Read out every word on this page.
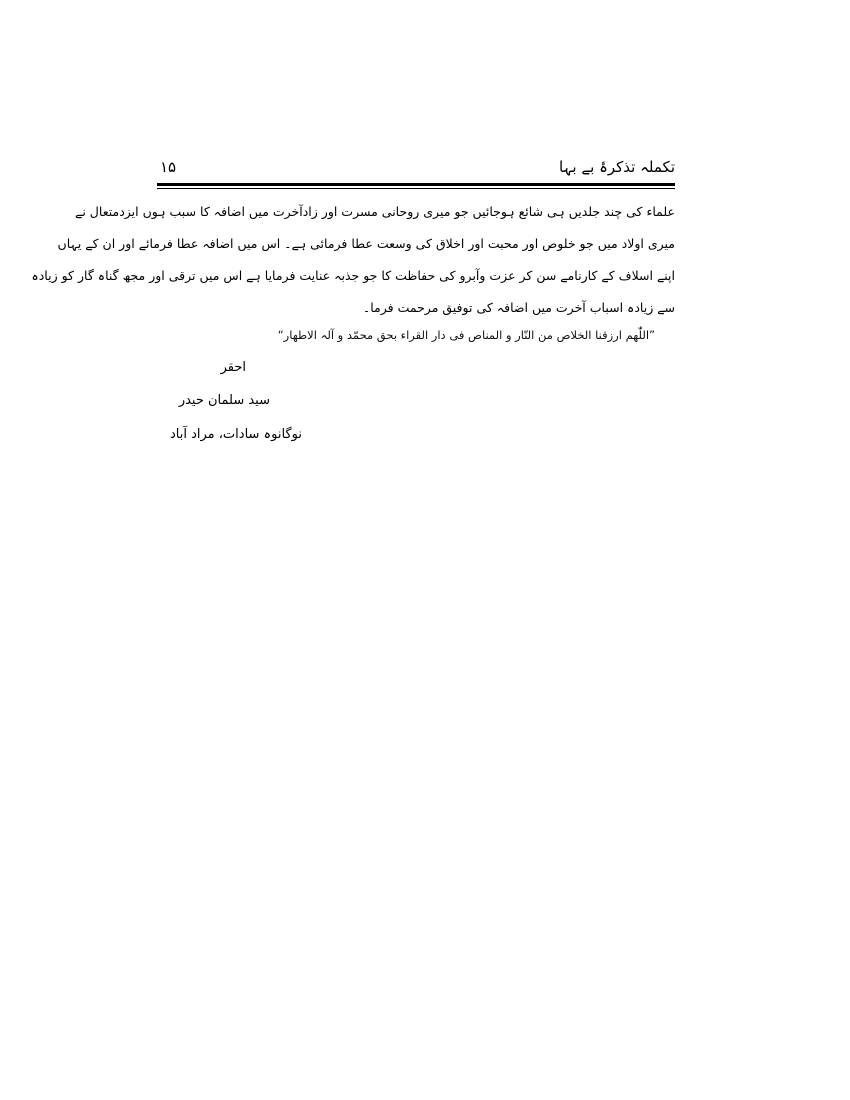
تکملہ تذکرۂ بے بہا
۱۵
علماء کی چند جلدیں ہی شائع ہوجائیں جو میری روحانی مسرت اور زادآخرت میں اضافہ کا سبب ہوں ایزدمتعال نے
میری اولاد میں جو خلوص اور محبت اور اخلاق کی وسعت عطا فرمائی ہے۔ اس میں اضافہ عطا فرمائے اور ان کے یہاں
اپنے اسلاف کے کارنامے سن کر عزت وآبرو کی حفاظت کا جو جذبہ عنایت فرمایا ہے اس میں ترقی اور مجھ گناہ گار کو زیادہ
سے زیادہ اسباب آخرت میں اضافہ کی توفیق مرحمت فرما۔
”اللّٰھم ارزقنا الخلاص من النّار و المناص فی دار القراء بحق محمّد و آلہ الاطھار“
احقر
سید سلمان حیدر
نوگانوہ سادات، مراد آباد
